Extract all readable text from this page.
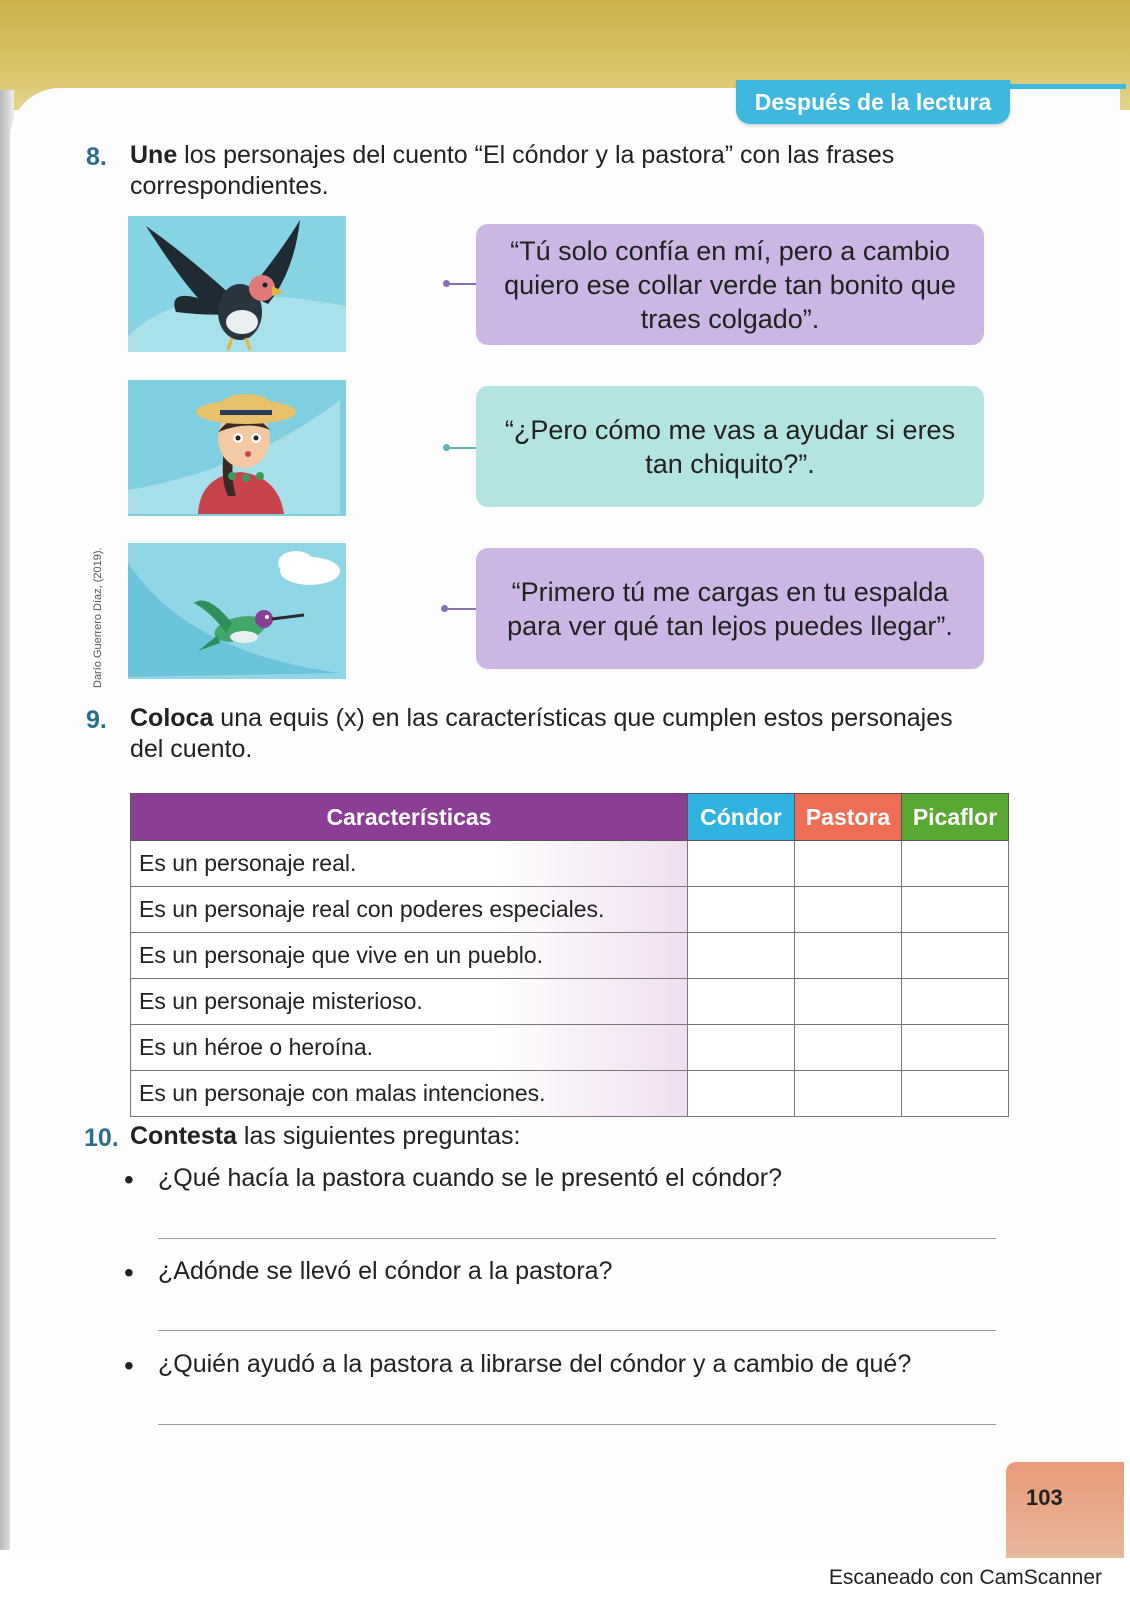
Después de la lectura
8. Une los personajes del cuento “El cóndor y la pastora” con las frases
correspondientes.
Darío Guerrero Díaz, (2019).
“Tú solo confía en mí, pero a cambio
quiero ese collar verde tan bonito que
traes colgado”.
“¿Pero cómo me vas a ayudar si eres
tan chiquito?”.
“Primero tú me cargas en tu espalda
para ver qué tan lejos puedes llegar”.
9. Coloca una equis (x) en las características que cumplen estos personajes
del cuento.
Características	Cóndor	Pastora	Picaflor
Es un personaje real.			
Es un personaje real con poderes especiales.			
Es un personaje que vive en un pueblo.			
Es un personaje misterioso.			
Es un héroe o heroína.			
Es un personaje con malas intenciones.			
10. Contesta las siguientes preguntas:
• ¿Qué hacía la pastora cuando se le presentó el cóndor?
• ¿Adónde se llevó el cóndor a la pastora?
• ¿Quién ayudó a la pastora a librarse del cóndor y a cambio de qué?
103
Escaneado con CamScanner
